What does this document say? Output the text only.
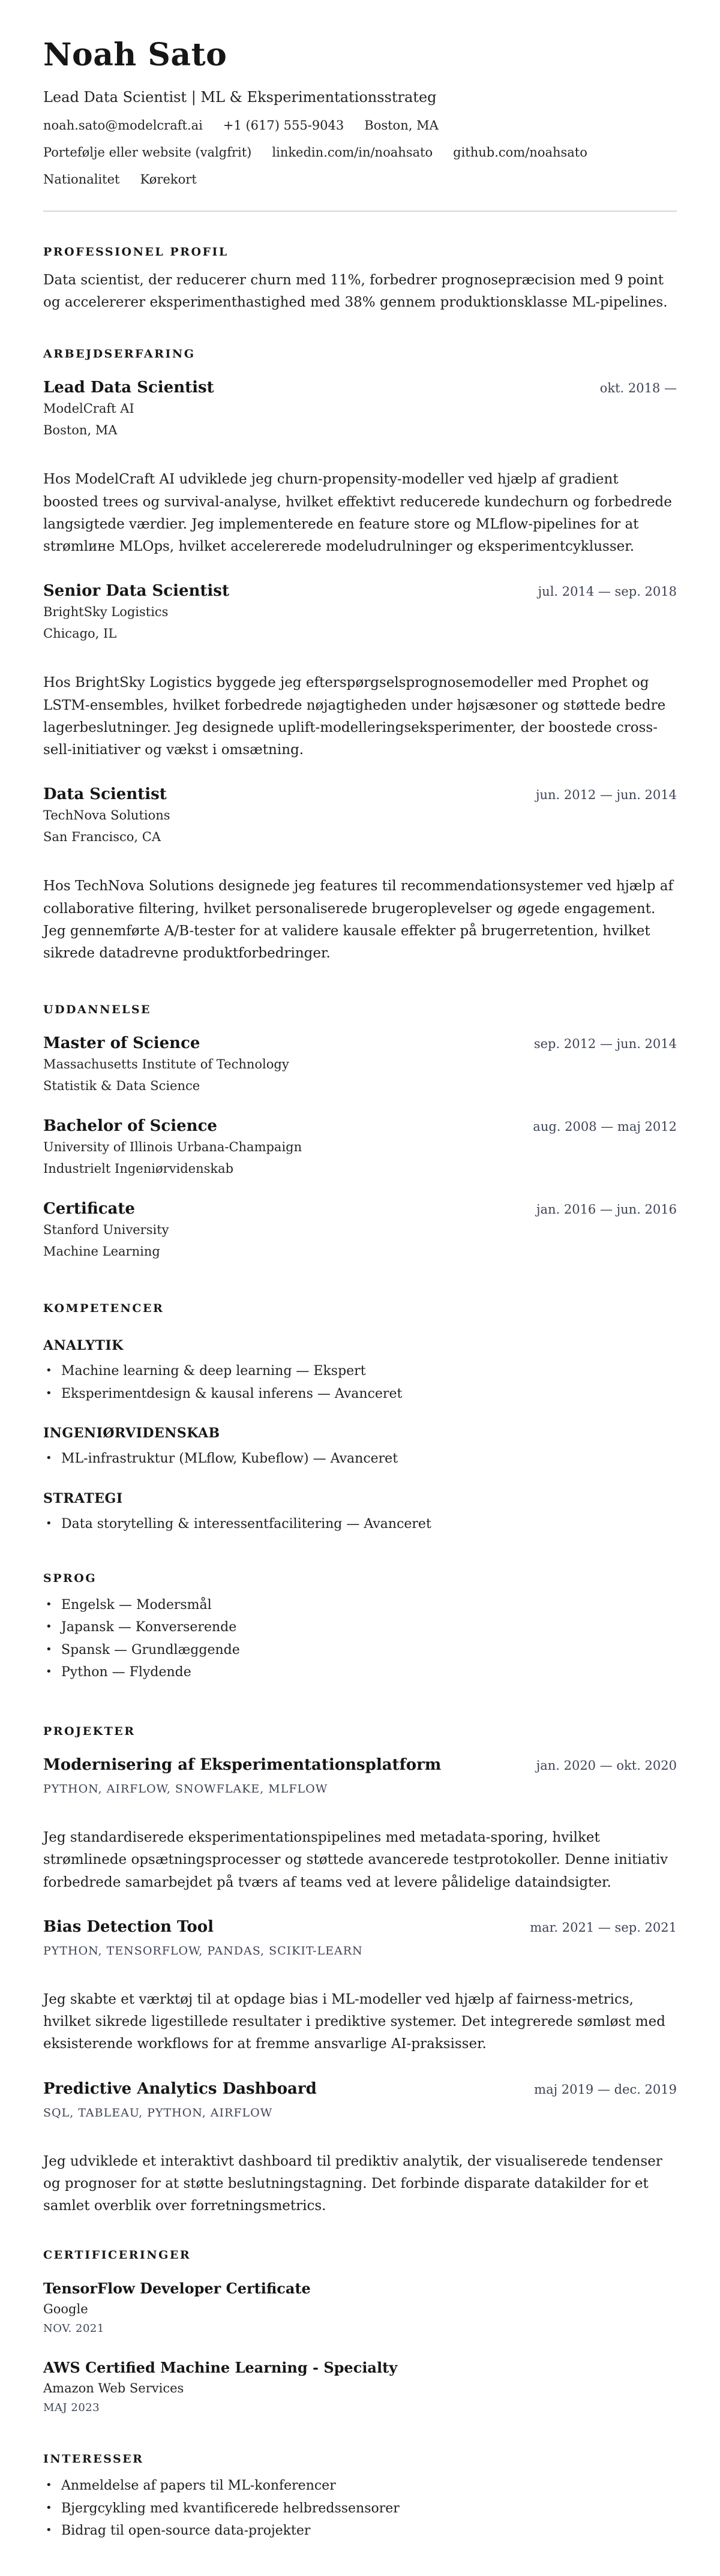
Noah Sato
Lead Data Scientist | ML & Eksperimentationsstrateg
noah.sato@modelcraft.ai +1 (617) 555-9043 Boston, MA
Portefølje eller website (valgfrit) linkedin.com/in/noahsato github.com/noahsato
Nationalitet Kørekort
PROFESSIONEL PROFIL

Data scientist, der reducerer churn med 11%, forbedrer prognosepræcision med 9 point og accelererer eksperimenthastighed med 38% gennem produktionsklasse ML-pipelines.

ARBEJDSERFARING
Lead Data Scientist	okt. 2018 —
ModelCraft AI
Boston, MA

Hos ModelCraft AI udviklede jeg churn-propensity-modeller ved hjælp af gradient boosted trees og survival-analyse, hvilket effektivt reducerede kundechurn og forbedrede langsigtede værdier. Jeg implementerede en feature store og MLflow-pipelines for at strømlине MLOps, hvilket accelererede modeludrulninger og eksperimentcyklusser.

Senior Data Scientist	jul. 2014 — sep. 2018
BrightSky Logistics
Chicago, IL

Hos BrightSky Logistics byggede jeg efterspørgselsprognosemodeller med Prophet og LSTM-ensembles, hvilket forbedrede nøjagtigheden under højsæsoner og støttede bedre lagerbeslutninger. Jeg designede uplift-modelleringseksperimenter, der boostede cross-sell-initiativer og vækst i omsætning.

Data Scientist	jun. 2012 — jun. 2014
TechNova Solutions
San Francisco, CA

Hos TechNova Solutions designede jeg features til recommendationsystemer ved hjælp af collaborative filtering, hvilket personaliserede brugeroplevelser og øgede engagement. Jeg gennemførte A/B-tester for at validere kausale effekter på brugerretention, hvilket sikrede datadrevne produktforbedringer.

UDDANNELSE
Master of Science	sep. 2012 — jun. 2014
Massachusetts Institute of Technology
Statistik & Data Science
Bachelor of Science	aug. 2008 — maj 2012
University of Illinois Urbana-Champaign
Industrielt Ingeniørvidenskab
Certificate	jan. 2016 — jun. 2016
Stanford University
Machine Learning
KOMPETENCER
ANALYTIK
• Machine learning & deep learning — Ekspert
• Eksperimentdesign & kausal inferens — Avanceret
INGENIØRVIDENSKAB
• ML-infrastruktur (MLflow, Kubeflow) — Avanceret
STRATEGI
• Data storytelling & interessentfacilitering — Avanceret
SPROG
• Engelsk — Modersmål
• Japansk — Konverserende
• Spansk — Grundlæggende
• Python — Flydende
PROJEKTER
Modernisering af Eksperimentationsplatform	jan. 2020 — okt. 2020
PYTHON, AIRFLOW, SNOWFLAKE, MLFLOW

Jeg standardiserede eksperimentationspipelines med metadata-sporing, hvilket strømlinede opsætningsprocesser og støttede avancerede testprotokoller. Denne initiativ forbedrede samarbejdet på tværs af teams ved at levere pålidelige dataindsigter.

Bias Detection Tool	mar. 2021 — sep. 2021
PYTHON, TENSORFLOW, PANDAS, SCIKIT-LEARN

Jeg skabte et værktøj til at opdage bias i ML-modeller ved hjælp af fairness-metrics, hvilket sikrede ligestillede resultater i prediktive systemer. Det integrerede sømløst med eksisterende workflows for at fremme ansvarlige AI-praksisser.

Predictive Analytics Dashboard	maj 2019 — dec. 2019
SQL, TABLEAU, PYTHON, AIRFLOW

Jeg udviklede et interaktivt dashboard til prediktiv analytik, der visualiserede tendenser og prognoser for at støtte beslutningstagning. Det forbinde disparate datakilder for et samlet overblik over forretningsmetrics.

CERTIFICERINGER
TensorFlow Developer Certificate
Google
NOV. 2021
AWS Certified Machine Learning - Specialty
Amazon Web Services
MAJ 2023
INTERESSER
• Anmeldelse af papers til ML-konferencer
• Bjergcykling med kvantificerede helbredssensorer
• Bidrag til open-source data-projekter
